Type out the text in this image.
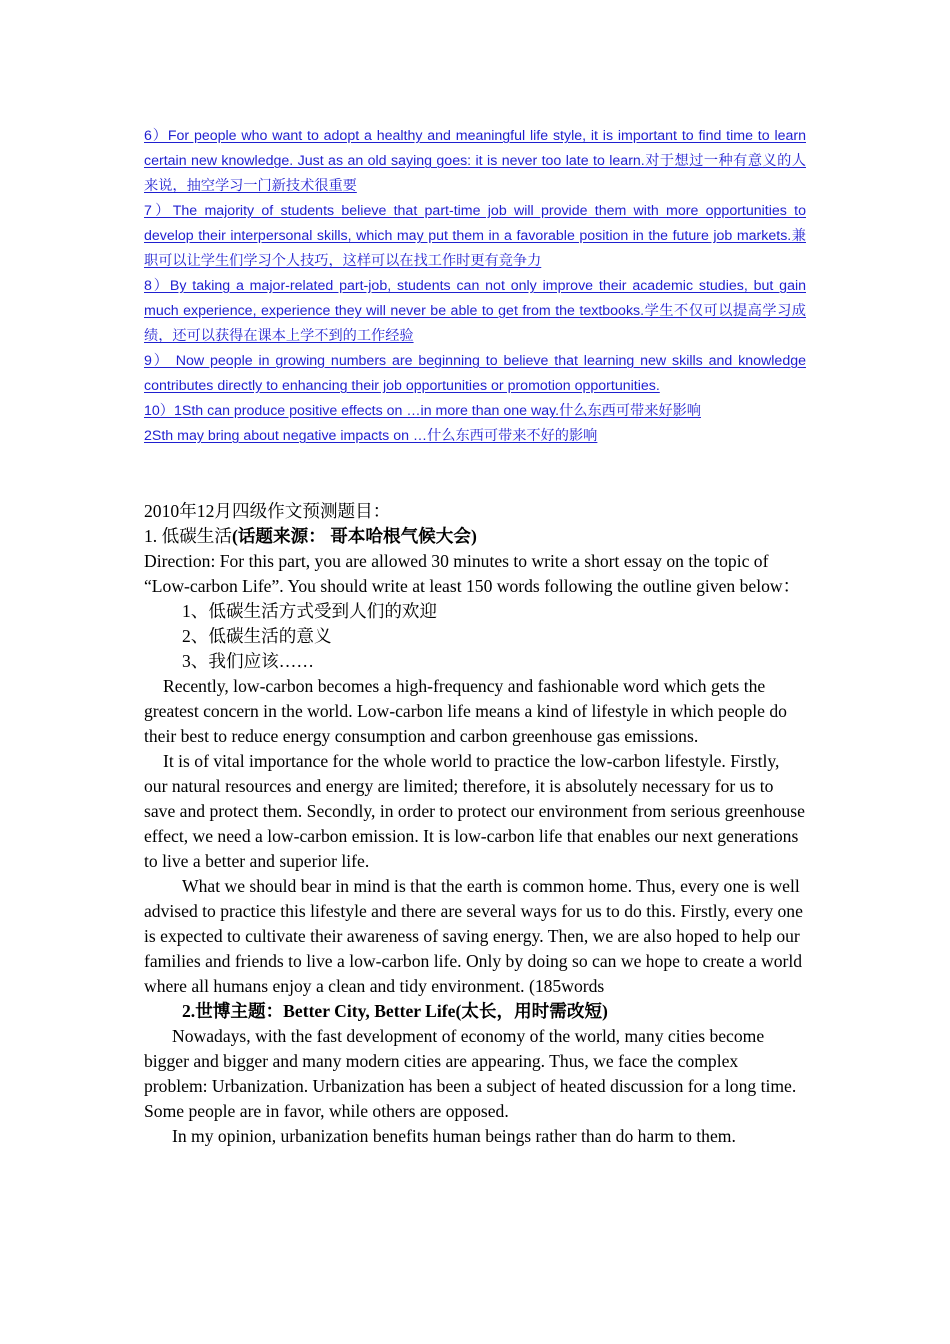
6）For people who want to adopt a healthy and meaningful life style, it is important to find time to learn certain new knowledge. Just as an old saying goes: it is never too late to learn.对于想过一种有意义的人来说，抽空学习一门新技术很重要

7）The majority of students believe that part-time job will provide them with more opportunities to develop their interpersonal skills, which may put them in a favorable position in the future job markets.兼职可以让学生们学习个人技巧，这样可以在找工作时更有竞争力

8）By taking a major-related part-job, students can not only improve their academic studies, but gain much experience, experience they will never be able to get from the textbooks.学生不仅可以提高学习成绩，还可以获得在课本上学不到的工作经验

9） Now people in growing numbers are beginning to believe that learning new skills and knowledge contributes directly to enhancing their job opportunities or promotion opportunities.

10）1Sth can produce positive effects on …in more than one way.什么东西可带来好影响

2Sth may bring about negative impacts on …什么东西可带来不好的影响

2010年12月四级作文预测题目：

1. 低碳生活(话题来源： 哥本哈根气候大会)

Direction: For this part, you are allowed 30 minutes to write a short essay on the topic of “Low-carbon Life”. You should write at least 150 words following the outline given below：

1、低碳生活方式受到人们的欢迎

2、低碳生活的意义

3、我们应该……

Recently, low-carbon becomes a high-frequency and fashionable word which gets the greatest concern in the world. Low-carbon life means a kind of lifestyle in which people do their best to reduce energy consumption and carbon greenhouse gas emissions.

It is of vital importance for the whole world to practice the low-carbon lifestyle. Firstly, our natural resources and energy are limited; therefore, it is absolutely necessary for us to save and protect them. Secondly, in order to protect our environment from serious greenhouse effect, we need a low-carbon emission. It is low-carbon life that enables our next generations to live a better and superior life.

What we should bear in mind is that the earth is common home. Thus, every one is well advised to practice this lifestyle and there are several ways for us to do this. Firstly, every one is expected to cultivate their awareness of saving energy. Then, we are also hoped to help our families and friends to live a low-carbon life. Only by doing so can we hope to create a world where all humans enjoy a clean and tidy environment. (185words

2.世博主题：Better City, Better Life(太长，用时需改短)

Nowadays, with the fast development of economy of the world, many cities become bigger and bigger and many modern cities are appearing. Thus, we face the complex problem: Urbanization. Urbanization has been a subject of heated discussion for a long time. Some people are in favor, while others are opposed.

In my opinion, urbanization benefits human beings rather than do harm to them.
